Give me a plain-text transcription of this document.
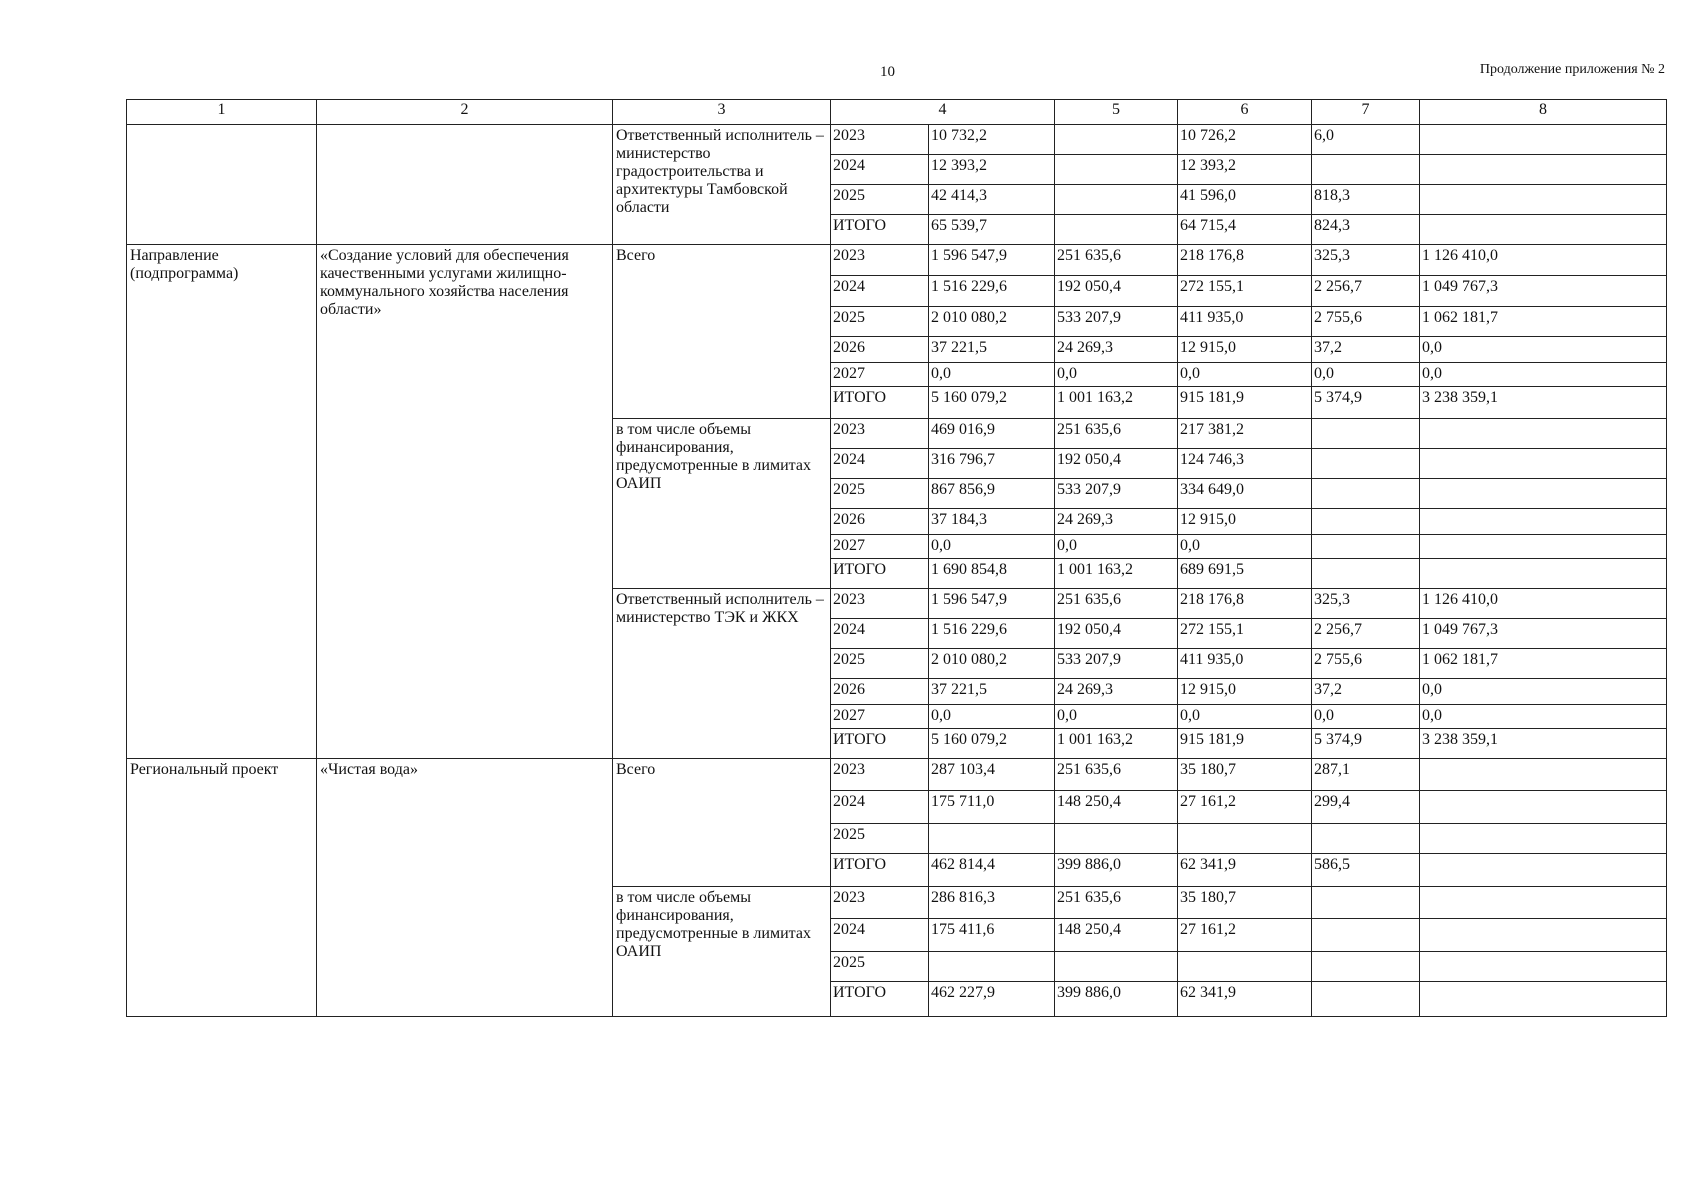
10	Продолжение приложения № 2
1	2	3	4		5	6	7	8
		Ответственный исполнитель – министерство градостроительства и архитектуры Тамбовской области	2023	10 732,2		10 726,2	6,0	
			2024	12 393,2		12 393,2		
			2025	42 414,3		41 596,0	818,3	
			ИТОГО	65 539,7		64 715,4	824,3	
Направление (подпрограмма)	«Создание условий для обеспечения качественными услугами жилищно-коммунального хозяйства населения области»	Всего	2023	1 596 547,9	251 635,6	218 176,8	325,3	1 126 410,0
			2024	1 516 229,6	192 050,4	272 155,1	2 256,7	1 049 767,3
			2025	2 010 080,2	533 207,9	411 935,0	2 755,6	1 062 181,7
			2026	37 221,5	24 269,3	12 915,0	37,2	0,0
			2027	0,0	0,0	0,0	0,0	0,0
			ИТОГО	5 160 079,2	1 001 163,2	915 181,9	5 374,9	3 238 359,1
		в том числе объемы финансирования, предусмотренные в лимитах ОАИП	2023	469 016,9	251 635,6	217 381,2		
			2024	316 796,7	192 050,4	124 746,3		
			2025	867 856,9	533 207,9	334 649,0		
			2026	37 184,3	24 269,3	12 915,0		
			2027	0,0	0,0	0,0		
			ИТОГО	1 690 854,8	1 001 163,2	689 691,5		
		Ответственный исполнитель – министерство ТЭК и ЖКХ	2023	1 596 547,9	251 635,6	218 176,8	325,3	1 126 410,0
			2024	1 516 229,6	192 050,4	272 155,1	2 256,7	1 049 767,3
			2025	2 010 080,2	533 207,9	411 935,0	2 755,6	1 062 181,7
			2026	37 221,5	24 269,3	12 915,0	37,2	0,0
			2027	0,0	0,0	0,0	0,0	0,0
			ИТОГО	5 160 079,2	1 001 163,2	915 181,9	5 374,9	3 238 359,1
Региональный проект	«Чистая вода»	Всего	2023	287 103,4	251 635,6	35 180,7	287,1	
			2024	175 711,0	148 250,4	27 161,2	299,4	
			2025					
			ИТОГО	462 814,4	399 886,0	62 341,9	586,5	
		в том числе объемы финансирования, предусмотренные в лимитах ОАИП	2023	286 816,3	251 635,6	35 180,7		
			2024	175 411,6	148 250,4	27 161,2		
			2025					
			ИТОГО	462 227,9	399 886,0	62 341,9		
